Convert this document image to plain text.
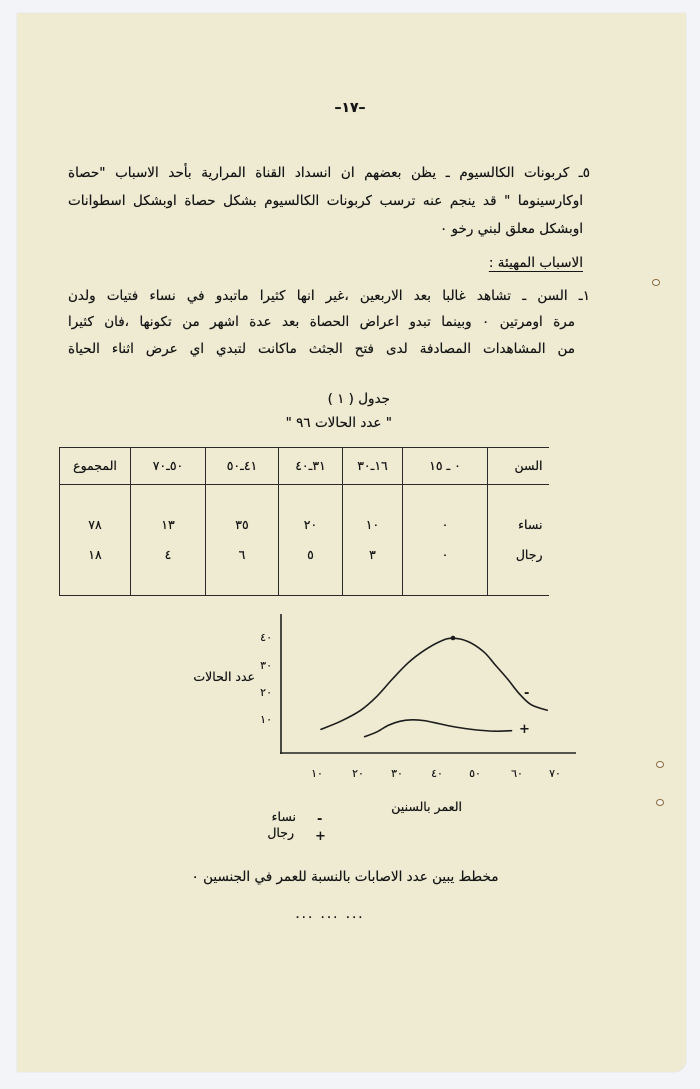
–١٧–
٥ـ كربونات الكالسيوم ـ يظن بعضهم ان انسداد القناة المرارية بأحد الاسباب "حصاة
اوكارسينوما " قد ينجم عنه ترسب كربونات الكالسيوم بشكل حصاة اوبشكل اسطوانات
اوبشكل معلق لبني رخو ٠
الاسباب المهيئة :
١ـ السن ـ تشاهد غالبا بعد الاربعين ،غير انها كثيرا ماتبدو في نساء فتيات ولدن
مرة اومرتين ٠ وبينما تبدو اعراض الحصاة بعد عدة اشهر من تكونها ،فان كثيرا
من المشاهدات المصادفة لدى فتح الجثث ماكانت لتبدي اي عرض اثناء الحياة
جدول ( ١ )
" عدد الحالات ٩٦ "
السن	٠ ـ ١٥	١٦ـ٣٠	٣١ـ٤٠	٤١ـ٥٠	٥٠ـ٧٠	المجموع
نساء	٠	١٠	٢٠	٣٥	١٣	٧٨
رجال	٠	٣	٥	٦	٤	١٨
٤٠
٣٠
٢٠
١٠
١٠	٢٠	٣٠	٤٠	٥٠	٦٠	٧٠
-
+
عدد الحالات
العمر بالسنين
-
نساء
+
رجال
مخطط يبين عدد الاصابات بالنسبة للعمر في الجنسين ٠
... ... ...
